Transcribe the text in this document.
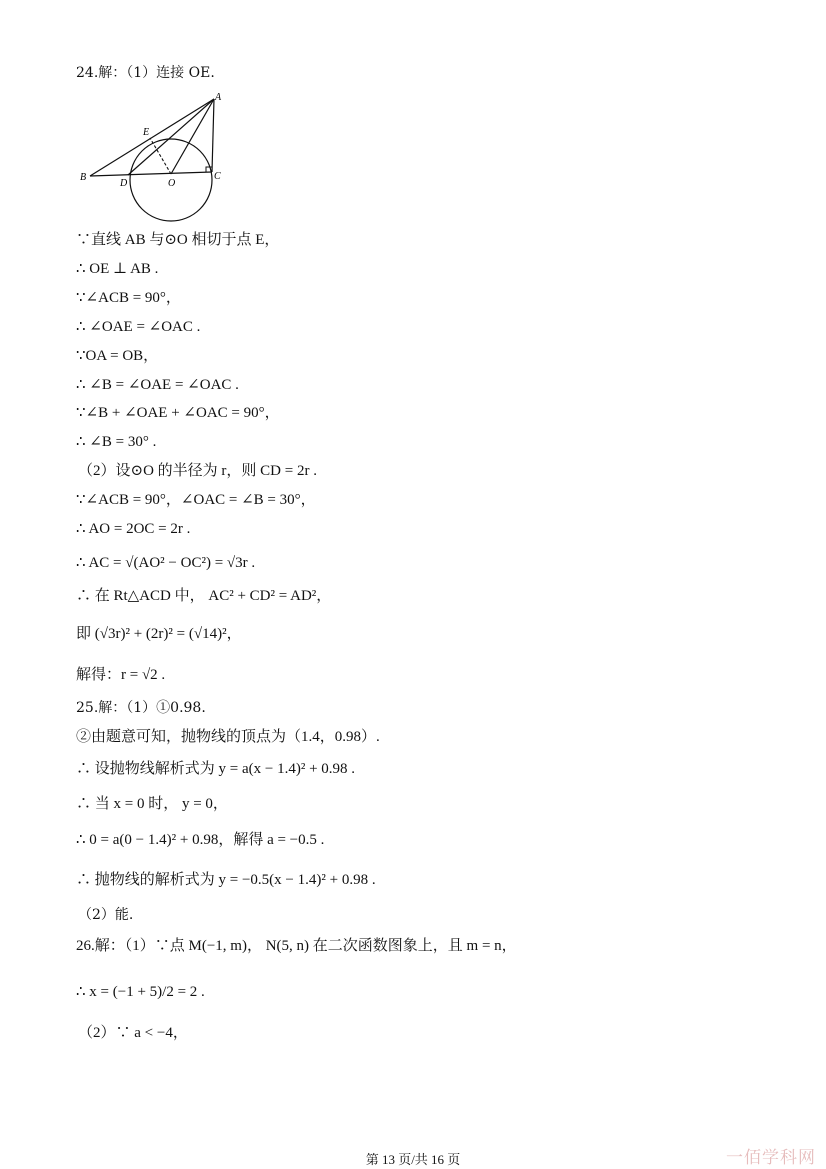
A
E
B
D	O
C
24.解：（1）连接 OE.
∵直线 AB 与⊙O 相切于点 E，
∴ OE ⊥ AB .
∵∠ACB = 90°，
∴ ∠OAE = ∠OAC .
∵OA = OB，
∴ ∠B = ∠OAE = ∠OAC .
∵∠B + ∠OAE + ∠OAC = 90°，
∴ ∠B = 30° .
（2）设⊙O 的半径为 r，则 CD = 2r .
∵∠ACB = 90°，∠OAC = ∠B = 30°，
∴ AO = 2OC = 2r .
∴ AC = √(AO² − OC²) = √3r .
∴ 在 Rt△ACD 中， AC² + CD² = AD²，
即 (√3r)² + (2r)² = (√14)²，
解得：r = √2 .
25.解：（1）①0.98.
②由题意可知，抛物线的顶点为（1.4，0.98）.
∴ 设抛物线解析式为 y = a(x − 1.4)² + 0.98 .
∴ 当 x = 0 时， y = 0，
∴ 0 = a(0 − 1.4)² + 0.98，解得 a = −0.5 .
∴ 抛物线的解析式为 y = −0.5(x − 1.4)² + 0.98 .
（2）能.
26.解：（1）∵点 M(−1, m)， N(5, n) 在二次函数图象上，且 m = n，
∴ x = (−1 + 5)/2 = 2 .
（2）∵ a < −4，
第 13 页/共 16 页	一佰学科网
